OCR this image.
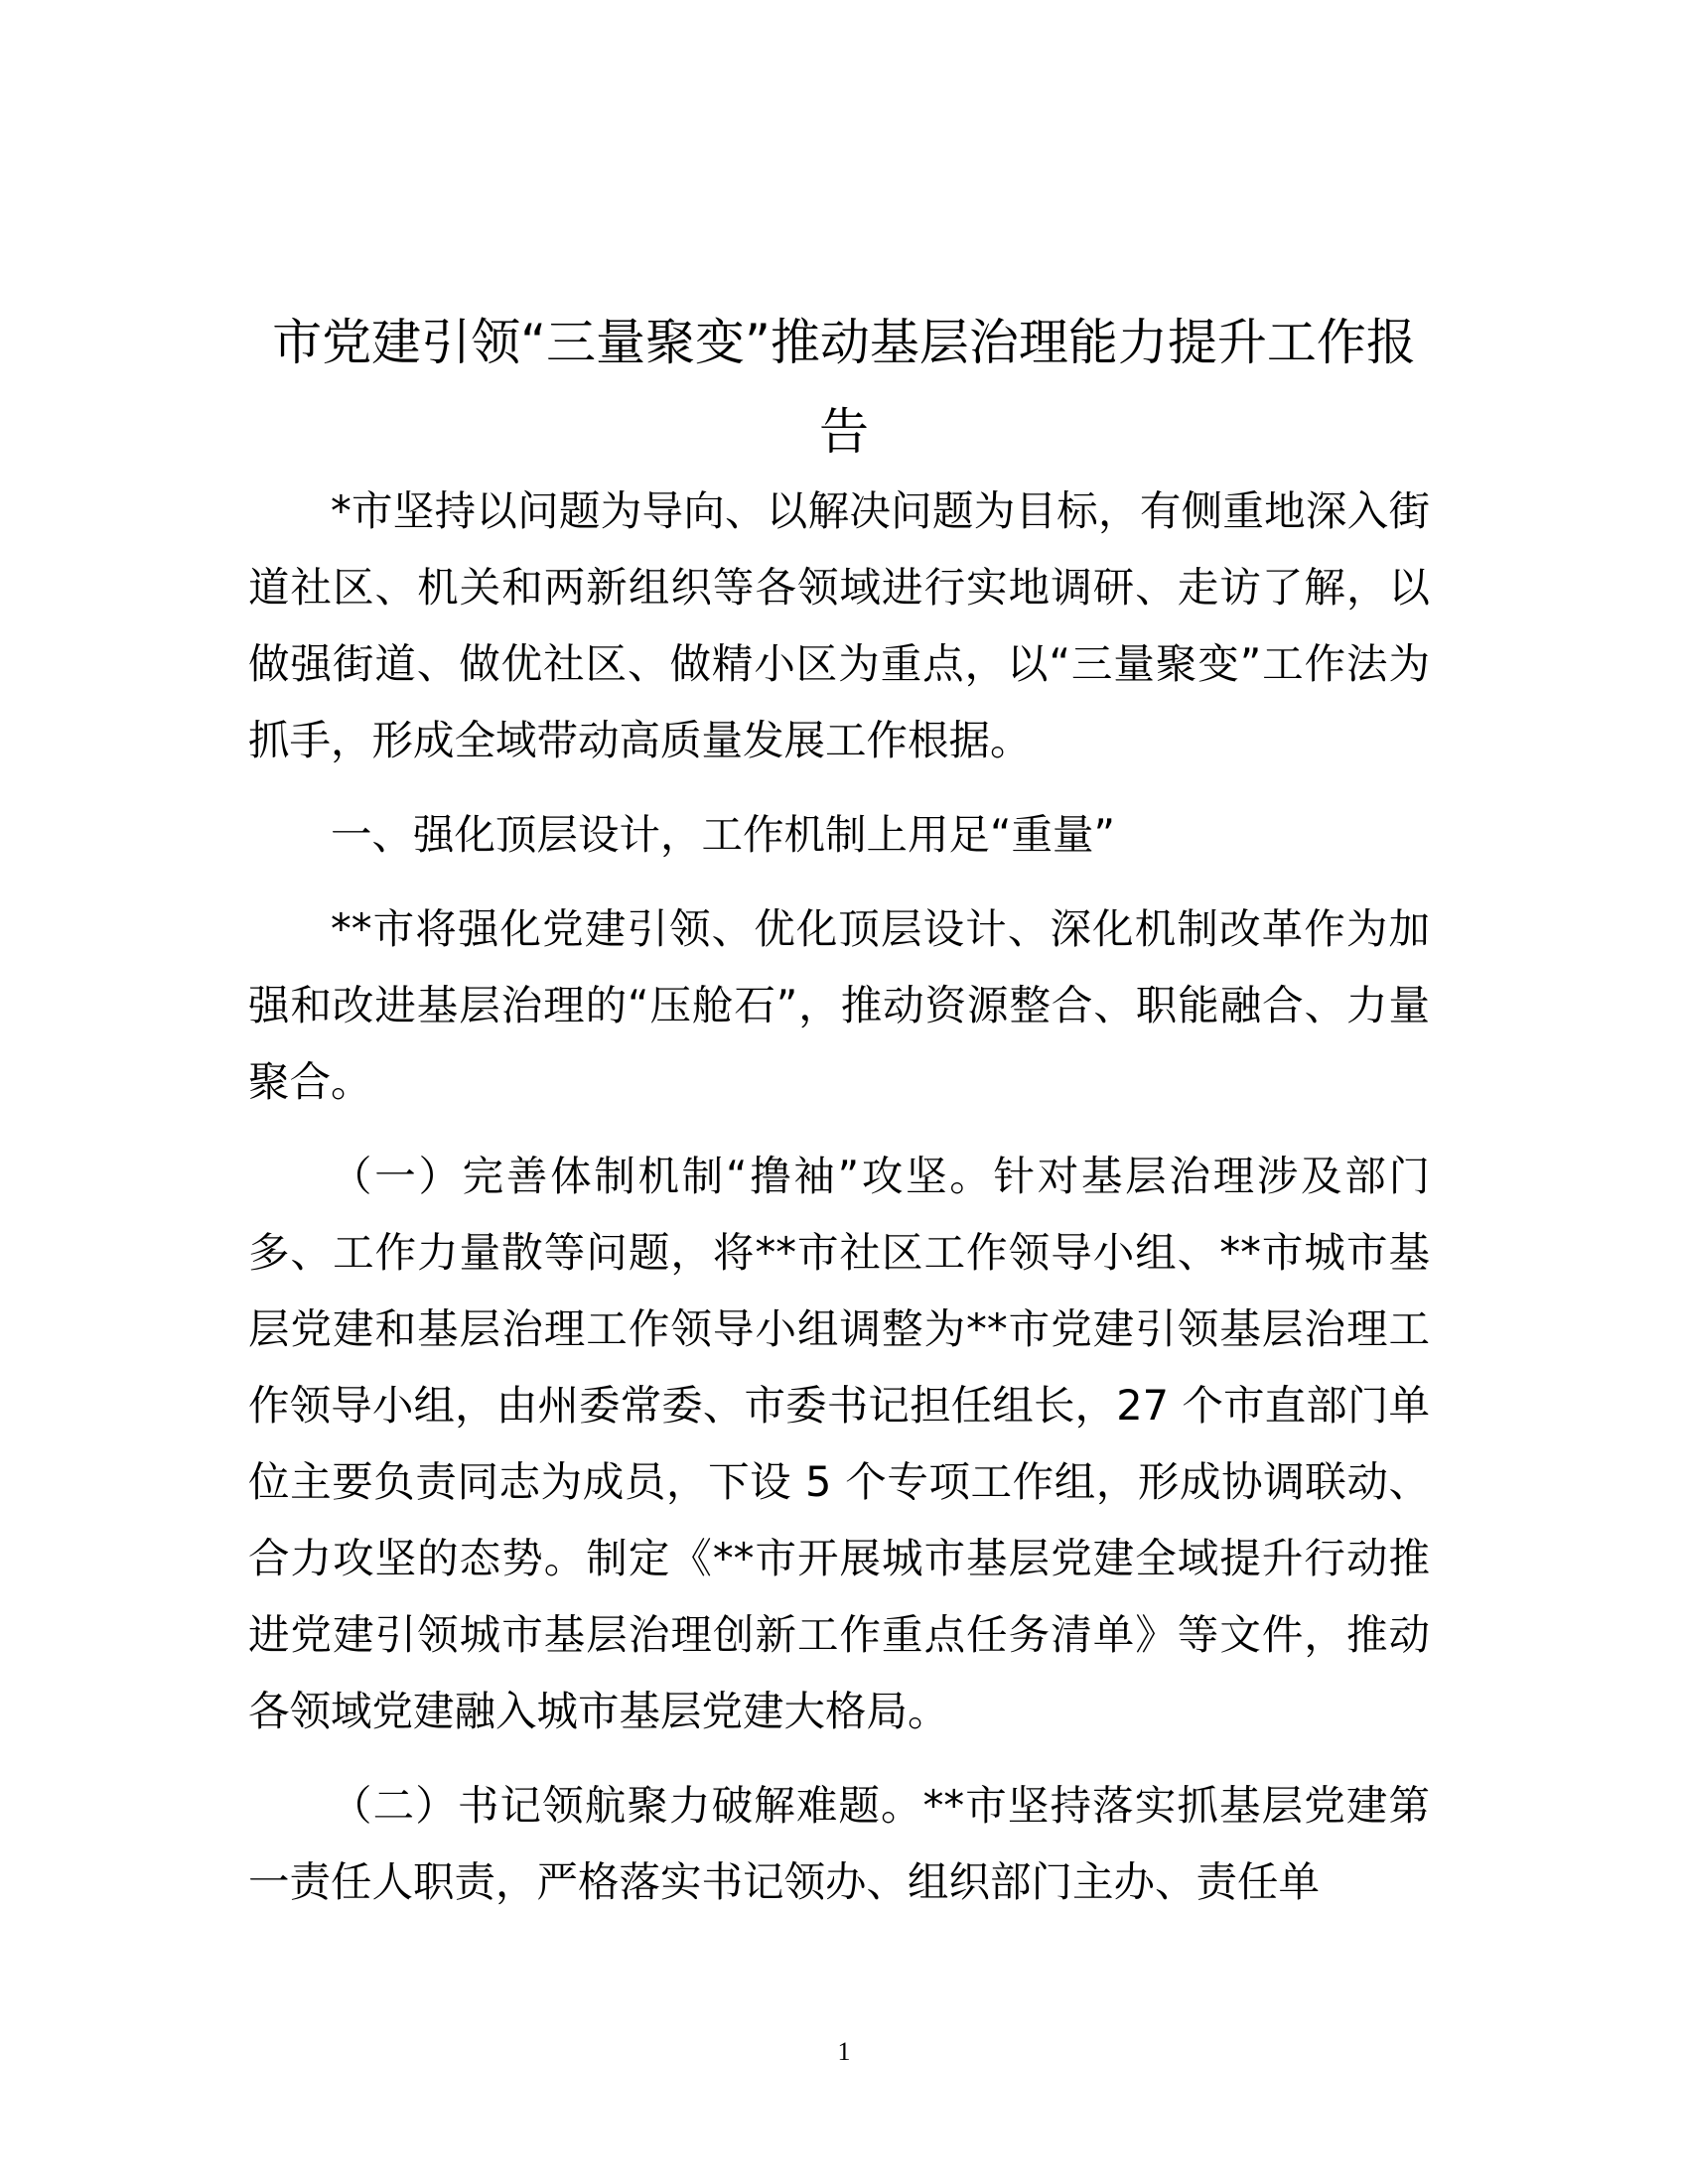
市党建引领“三量聚变”推动基层治理能力提升工作报告

*市坚持以问题为导向、以解决问题为目标，有侧重地深入街道社区、机关和两新组织等各领域进行实地调研、走访了解，以做强街道、做优社区、做精小区为重点，以“三量聚变”工作法为抓手，形成全域带动高质量发展工作根据。

一、强化顶层设计，工作机制上用足“重量”

**市将强化党建引领、优化顶层设计、深化机制改革作为加强和改进基层治理的“压舱石”，推动资源整合、职能融合、力量聚合。

（一）完善体制机制“撸袖”攻坚。针对基层治理涉及部门多、工作力量散等问题，将**市社区工作领导小组、**市城市基层党建和基层治理工作领导小组调整为**市党建引领基层治理工作领导小组，由州委常委、市委书记担任组长，27 个市直部门单位主要负责同志为成员，下设 5 个专项工作组，形成协调联动、合力攻坚的态势。制定《**市开展城市基层党建全域提升行动推进党建引领城市基层治理创新工作重点任务清单》等文件，推动各领域党建融入城市基层党建大格局。

（二）书记领航聚力破解难题。**市坚持落实抓基层党建第一责任人职责，严格落实书记领办、组织部门主办、责任单

1
